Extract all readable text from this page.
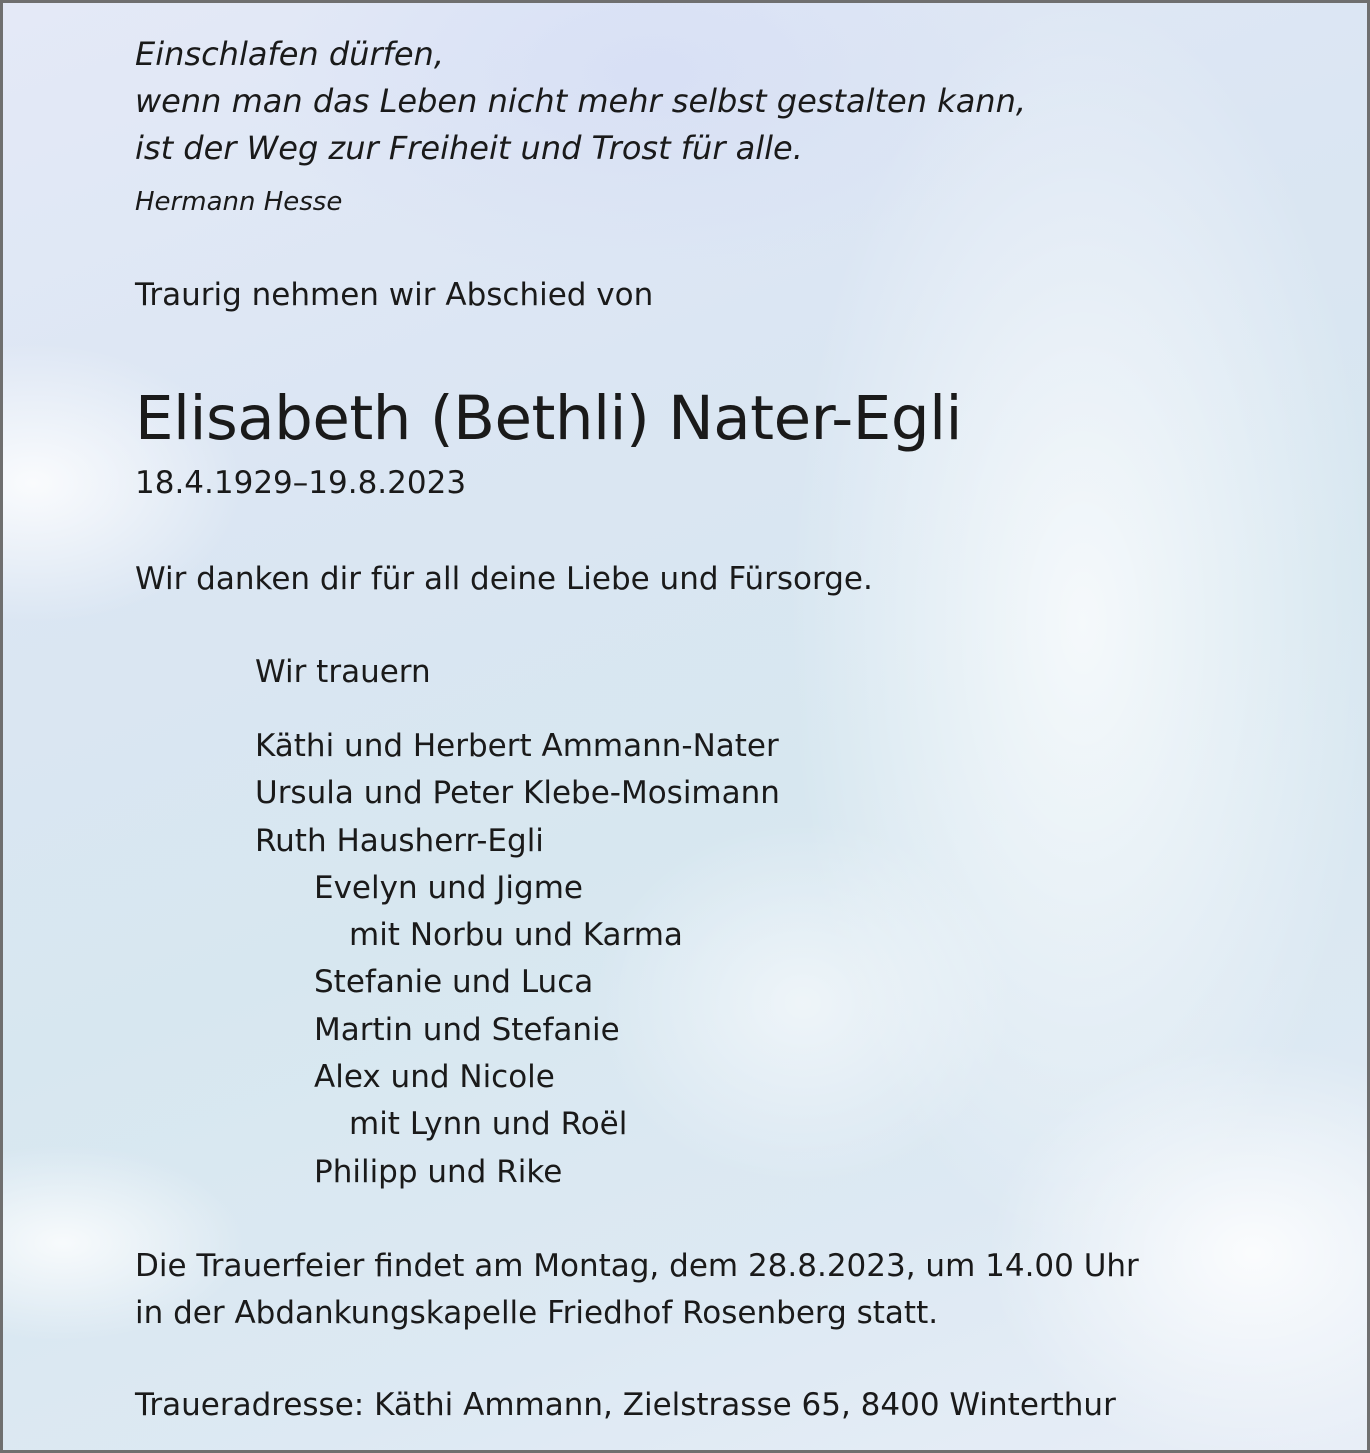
Einschlafen dürfen,

wenn man das Leben nicht mehr selbst gestalten kann,

ist der Weg zur Freiheit und Trost für alle.

Hermann Hesse

Traurig nehmen wir Abschied von

Elisabeth (Bethli) Nater-Egli

18.4.1929–19.8.2023

Wir danken dir für all deine Liebe und Fürsorge.

Wir trauern

Käthi und Herbert Ammann-Nater
Ursula und Peter Klebe-Mosimann
Ruth Hausherr-Egli
Evelyn und Jigme
mit Norbu und Karma
Stefanie und Luca
Martin und Stefanie
Alex und Nicole
mit Lynn und Roël
Philipp und Rike

Die Trauerfeier findet am Montag, dem 28.8.2023, um 14.00 Uhr

in der Abdankungskapelle Friedhof Rosenberg statt.

Traueradresse: Käthi Ammann, Zielstrasse 65, 8400 Winterthur
